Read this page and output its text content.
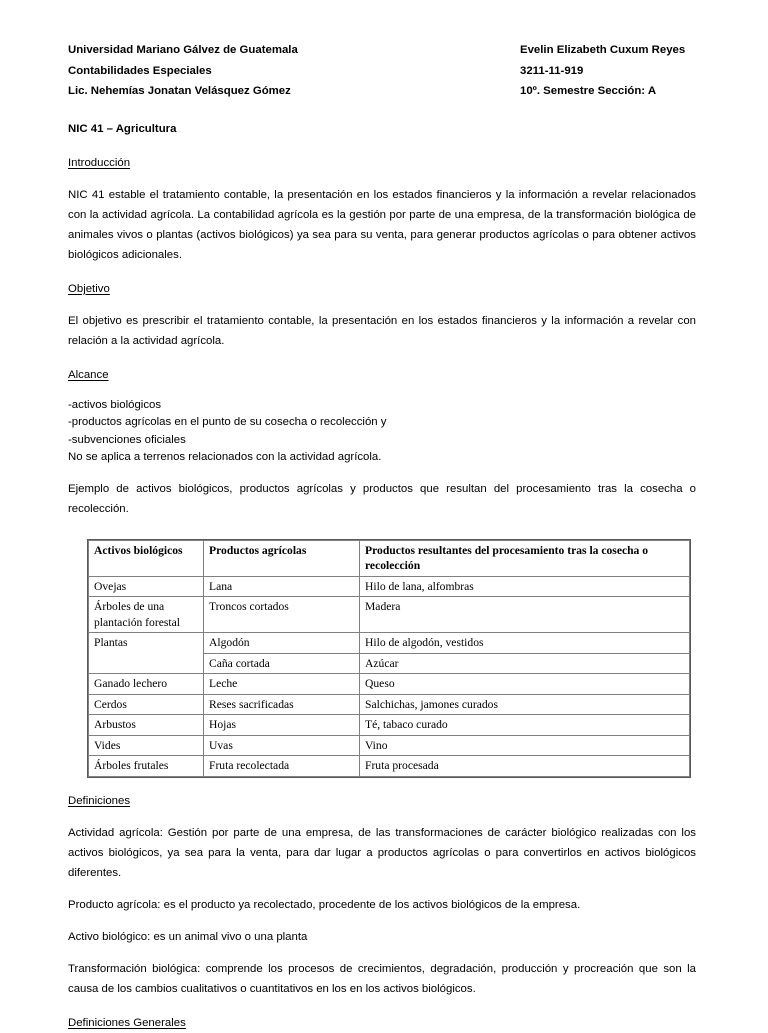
Universidad Mariano Gálvez de Guatemala	Evelin Elizabeth Cuxum Reyes
Contabilidades Especiales	3211-11-919
Lic. Nehemías Jonatan Velásquez Gómez	10º. Semestre Sección: A
NIC 41 – Agricultura
Introducción

NIC 41 estable el tratamiento contable, la presentación en los estados financieros y la información a revelar relacionados con la actividad agrícola. La contabilidad agrícola es la gestión por parte de una empresa, de la transformación biológica de animales vivos o plantas (activos biológicos) ya sea para su venta, para generar productos agrícolas o para obtener activos biológicos adicionales.

Objetivo

El objetivo es prescribir el tratamiento contable, la presentación en los estados financieros y la información a revelar con relación a la actividad agrícola.

Alcance
-activos biológicos
-productos agrícolas en el punto de su cosecha o recolección y
-subvenciones oficiales
No se aplica a terrenos relacionados con la actividad agrícola.

Ejemplo de activos biológicos, productos agrícolas y productos que resultan del procesamiento tras la cosecha o recolección.

Activos biológicos	Productos agrícolas	Productos resultantes del procesamiento tras la cosecha o recolección
Ovejas	Lana	Hilo de lana, alfombras
Árboles de una plantación forestal	Troncos cortados	Madera
Plantas	Algodón	Hilo de algodón, vestidos
	Caña cortada	Azúcar
Ganado lechero	Leche	Queso
Cerdos	Reses sacrificadas	Salchichas, jamones curados
Arbustos	Hojas	Té, tabaco curado
Vides	Uvas	Vino
Árboles frutales	Fruta recolectada	Fruta procesada
Definiciones

Actividad agrícola: Gestión por parte de una empresa, de las transformaciones de carácter biológico realizadas con los activos biológicos, ya sea para la venta, para dar lugar a productos agrícolas o para convertirlos en activos biológicos diferentes.

Producto agrícola: es el producto ya recolectado, procedente de los activos biológicos de la empresa.

Activo biológico: es un animal vivo o una planta

Transformación biológica: comprende los procesos de crecimientos, degradación, producción y procreación que son la causa de los cambios cualitativos o cuantitativos en los en los activos biológicos.

Definiciones Generales
